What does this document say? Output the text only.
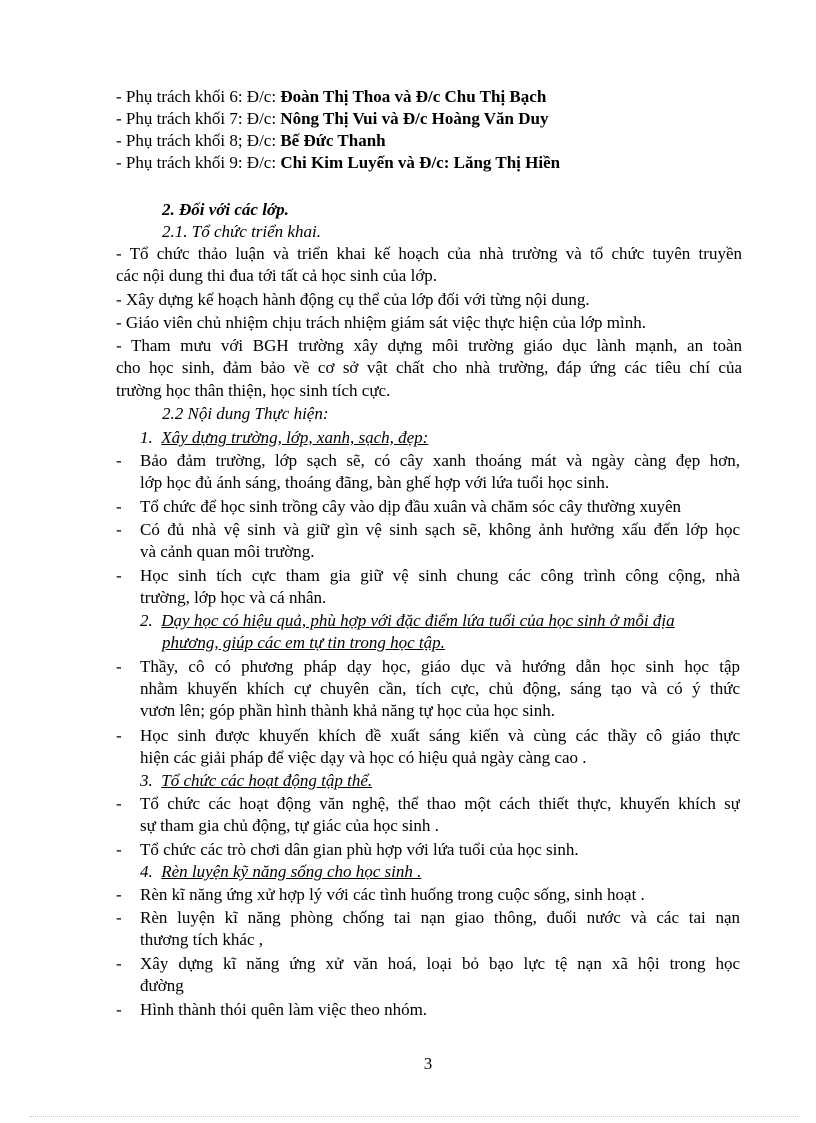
- Phụ trách khối 6: Đ/c: Đoàn Thị Thoa và Đ/c Chu Thị Bạch
- Phụ trách khối 7: Đ/c: Nông Thị Vui và Đ/c Hoàng Văn Duy
- Phụ trách khối 8; Đ/c: Bế Đức Thanh
- Phụ trách khối 9: Đ/c: Chi Kim Luyến và Đ/c: Lăng Thị Hiền
2. Đối với các lớp.
2.1. Tổ chức triển khai.
- Tổ chức thảo luận và triển khai kế hoạch của nhà trường và tổ chức tuyên truyền
các nội dung thi đua tới tất cả học sinh của lớp.
- Xây dựng kế hoạch hành động cụ thể của lớp đối với từng nội dung.
- Giáo viên chủ nhiệm chịu trách nhiệm giám sát việc thực hiện của lớp mình.
- Tham mưu với BGH trường xây dựng môi trường giáo dục lành mạnh, an toàn
cho học sinh, đảm bảo về cơ sở vật chất cho nhà trường, đáp ứng các tiêu chí của
trường học thân thiện, học sinh tích cực.
2.2 Nội dung Thực hiện:
1. Xây dựng trường, lớp, xanh, sạch, đẹp:
- Bảo đảm trường, lớp sạch sẽ, có cây xanh thoáng mát và ngày càng đẹp hơn,
lớp học đủ ánh sáng, thoáng đãng, bàn ghế hợp với lứa tuổi học sinh.
- Tổ chức để học sinh trồng cây vào dịp đầu xuân và chăm sóc cây thường xuyên
- Có đủ nhà vệ sinh và giữ gìn vệ sinh sạch sẽ, không ảnh hưởng xấu đến lớp học
và cảnh quan môi trường.
- Học sinh tích cực tham gia giữ vệ sinh chung các công trình công cộng, nhà
trường, lớp học và cá nhân.
2. Dạy học có hiệu quả, phù hợp với đặc điểm lứa tuổi của học sinh ở mỗi địa
phương, giúp các em tự tin trong học tập.
- Thầy, cô có phương pháp dạy học, giáo dục và hướng dẫn học sinh học tập
nhằm khuyến khích cự chuyên cần, tích cực, chủ động, sáng tạo và có ý thức
vươn lên; góp phần hình thành khả năng tự học của học sinh.
- Học sinh được khuyến khích đề xuất sáng kiến và cùng các thầy cô giáo thực
hiện các giải pháp để việc dạy và học có hiệu quả ngày càng cao .
3. Tổ chức các hoạt động tập thể.
- Tổ chức các hoạt động văn nghệ, thể thao một cách thiết thực, khuyến khích sự
sự tham gia chủ động, tự giác của học sinh .
- Tổ chức các trò chơi dân gian phù hợp với lứa tuổi của học sinh.
4. Rèn luyện kỹ năng sống cho học sinh .
- Rèn kĩ năng ứng xử hợp lý với các tình huống trong cuộc sống, sinh hoạt .
- Rèn luyện kĩ năng phòng chống tai nạn giao thông, đuối nước và các tai nạn
thương tích khác ,
- Xây dựng kĩ năng ứng xử văn hoá, loại bỏ bạo lực tệ nạn xã hội trong học
đường
- Hình thành thói quên làm việc theo nhóm.
3
